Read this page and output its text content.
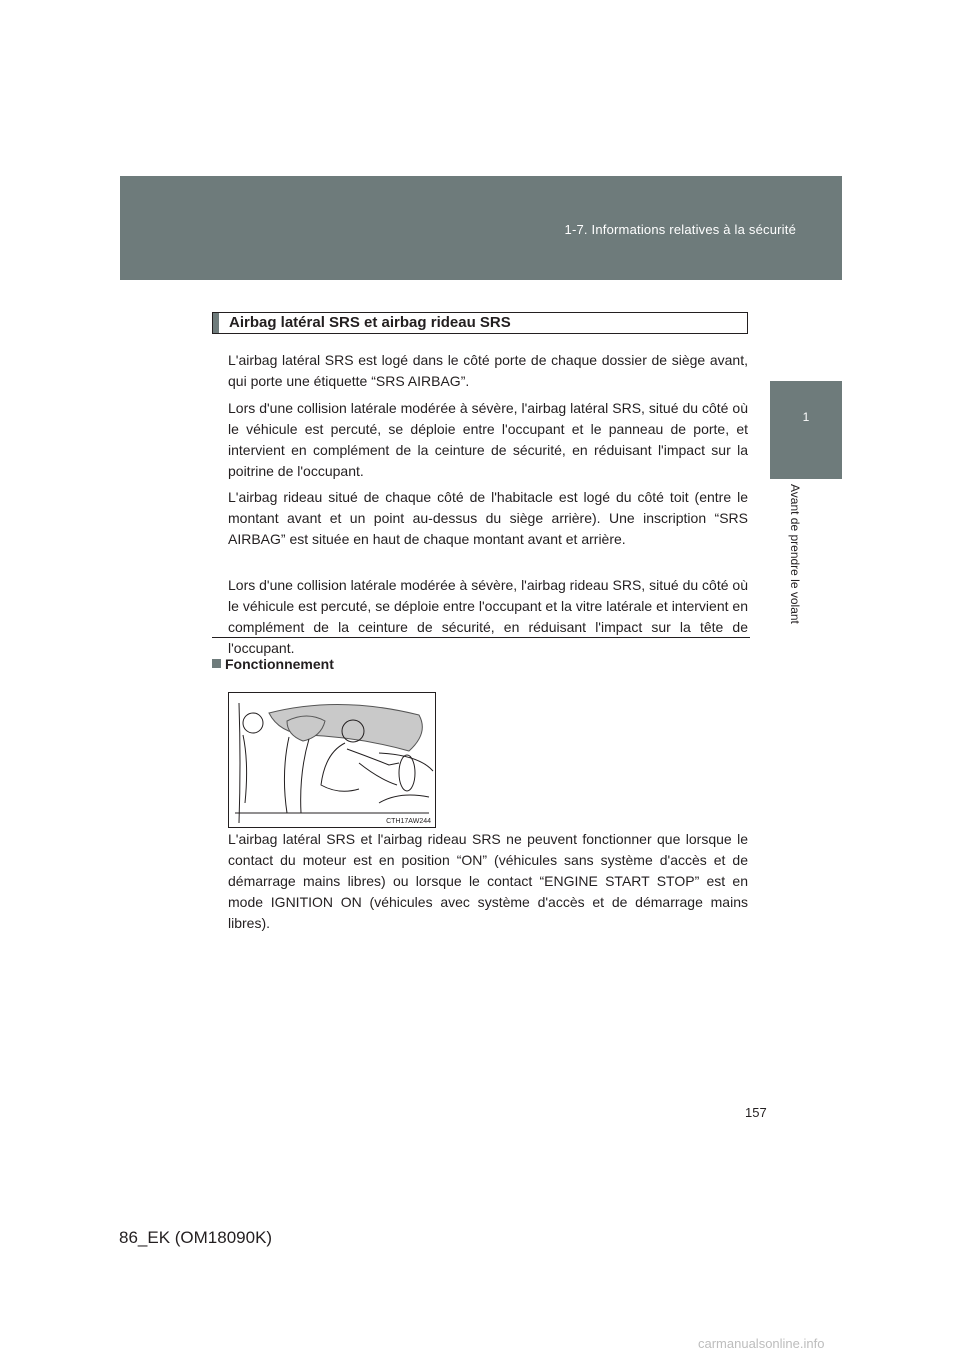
1-7. Informations relatives à la sécurité
1
Avant de prendre le volant
Airbag latéral SRS et airbag rideau SRS

L'airbag latéral SRS est logé dans le côté porte de chaque dossier de siège avant, qui porte une étiquette “SRS AIRBAG”.

Lors d'une collision latérale modérée à sévère, l'airbag latéral SRS, situé du côté où le véhicule est percuté, se déploie entre l'occupant et le panneau de porte, et intervient en complément de la ceinture de sécurité, en réduisant l'impact sur la poitrine de l'occupant.

L'airbag rideau situé de chaque côté de l'habitacle est logé du côté toit (entre le montant avant et un point au-dessus du siège arrière). Une inscription “SRS AIRBAG” est située en haut de chaque montant avant et arrière.

Lors d'une collision latérale modérée à sévère, l'airbag rideau SRS, situé du côté où le véhicule est percuté, se déploie entre l'occupant et la vitre latérale et intervient en complément de la ceinture de sécurité, en réduisant l'impact sur la tête de l'occupant.

Fonctionnement
CTH17AW244

L'airbag latéral SRS et l'airbag rideau SRS ne peuvent fonctionner que lorsque le contact du moteur est en position “ON” (véhicules sans système d'accès et de démarrage mains libres) ou lorsque le contact “ENGINE START STOP” est en mode IGNITION ON (véhicules avec système d'accès et de démarrage mains libres).

157
86_EK (OM18090K)
carmanualsonline.info
